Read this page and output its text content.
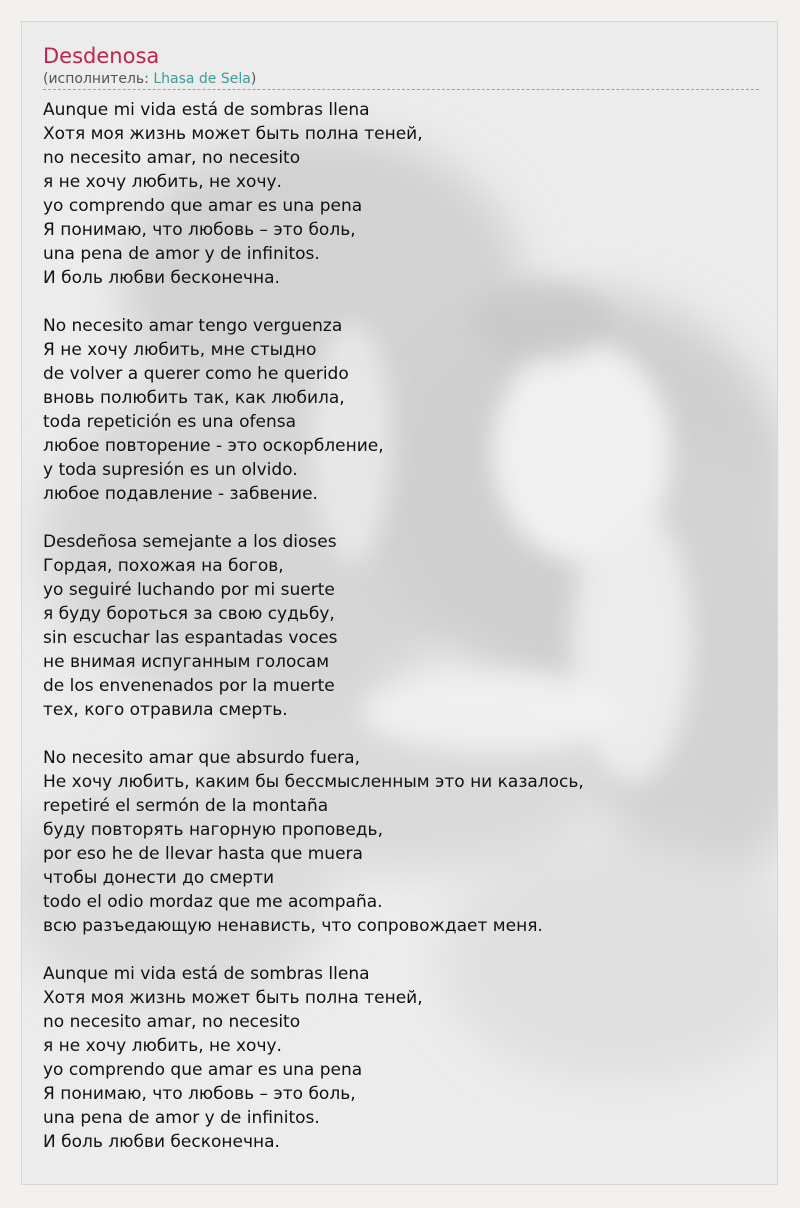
Desdenosa
(исполнитель: Lhasa de Sela)
Aunque mi vida está de sombras llena
Хотя моя жизнь может быть полна теней,
no necesito amar, no necesito
я не хочу любить, не хочу.
yo comprendo que amar es una pena
Я понимаю, что любовь – это боль,
una pena de amor y de infinitos.
И боль любви бесконечна.
No necesito amar tengo verguenza
Я не хочу любить, мне стыдно
de volver a querer como he querido
вновь полюбить так, как любила,
toda repetición es una ofensa
любое повторение - это оскорбление,
y toda supresión es un olvido.
любое подавление - забвение.
Desdeñosa semejante a los dioses
Гордая, похожая на богов,
yo seguiré luchando por mi suerte
я буду бороться за свою судьбу,
sin escuchar las espantadas voces
не внимая испуганным голосам
de los envenenados por la muerte
тех, кого отравила смерть.
No necesito amar que absurdo fuera,
Не хочу любить, каким бы бессмысленным это ни казалось,
repetiré el sermón de la montaña
буду повторять нагорную проповедь,
por eso he de llevar hasta que muera
чтобы донести до смерти
todo el odio mordaz que me acompaña.
всю разъедающую ненависть, что сопровождает меня.
Aunque mi vida está de sombras llena
Хотя моя жизнь может быть полна теней,
no necesito amar, no necesito
я не хочу любить, не хочу.
yo comprendo que amar es una pena
Я понимаю, что любовь – это боль,
una pena de amor y de infinitos.
И боль любви бесконечна.
